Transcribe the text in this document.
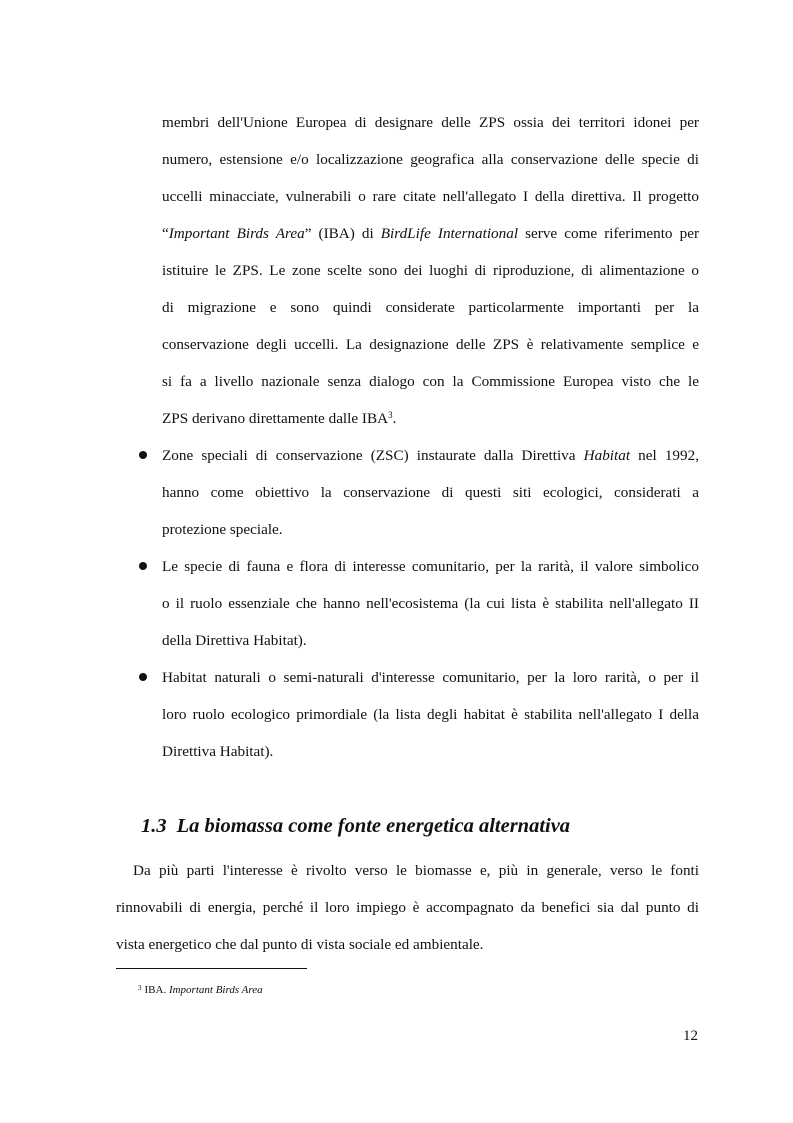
membri dell'Unione Europea di designare delle ZPS ossia dei territori idonei per
numero, estensione e/o localizzazione geografica alla conservazione delle specie di
uccelli minacciate, vulnerabili o rare citate nell'allegato I della direttiva. Il progetto
“Important Birds Area” (IBA) di BirdLife International serve come riferimento per
istituire le ZPS. Le zone scelte sono dei luoghi di riproduzione, di alimentazione o
di migrazione e sono quindi considerate particolarmente importanti per la
conservazione degli uccelli. La designazione delle ZPS è relativamente semplice e
si fa a livello nazionale senza dialogo con la Commissione Europea visto che le
ZPS derivano direttamente dalle IBA$^3$.
Zone speciali di conservazione (ZSC) instaurate dalla Direttiva Habitat nel 1992,
hanno come obiettivo la conservazione di questi siti ecologici, considerati a
protezione speciale.
Le specie di fauna e flora di interesse comunitario, per la rarità, il valore simbolico
o il ruolo essenziale che hanno nell'ecosistema (la cui lista è stabilita nell'allegato II
della Direttiva Habitat).
Habitat naturali o semi-naturali d'interesse comunitario, per la loro rarità, o per il
loro ruolo ecologico primordiale (la lista degli habitat è stabilita nell'allegato I della
Direttiva Habitat).
1.3 La biomassa come fonte energetica alternativa
Da più parti l'interesse è rivolto verso le biomasse e, più in generale, verso le fonti
rinnovabili di energia, perché il loro impiego è accompagnato da benefici sia dal punto di
vista energetico che dal punto di vista sociale ed ambientale.
$^3$ IBA. Important Birds Area
12
